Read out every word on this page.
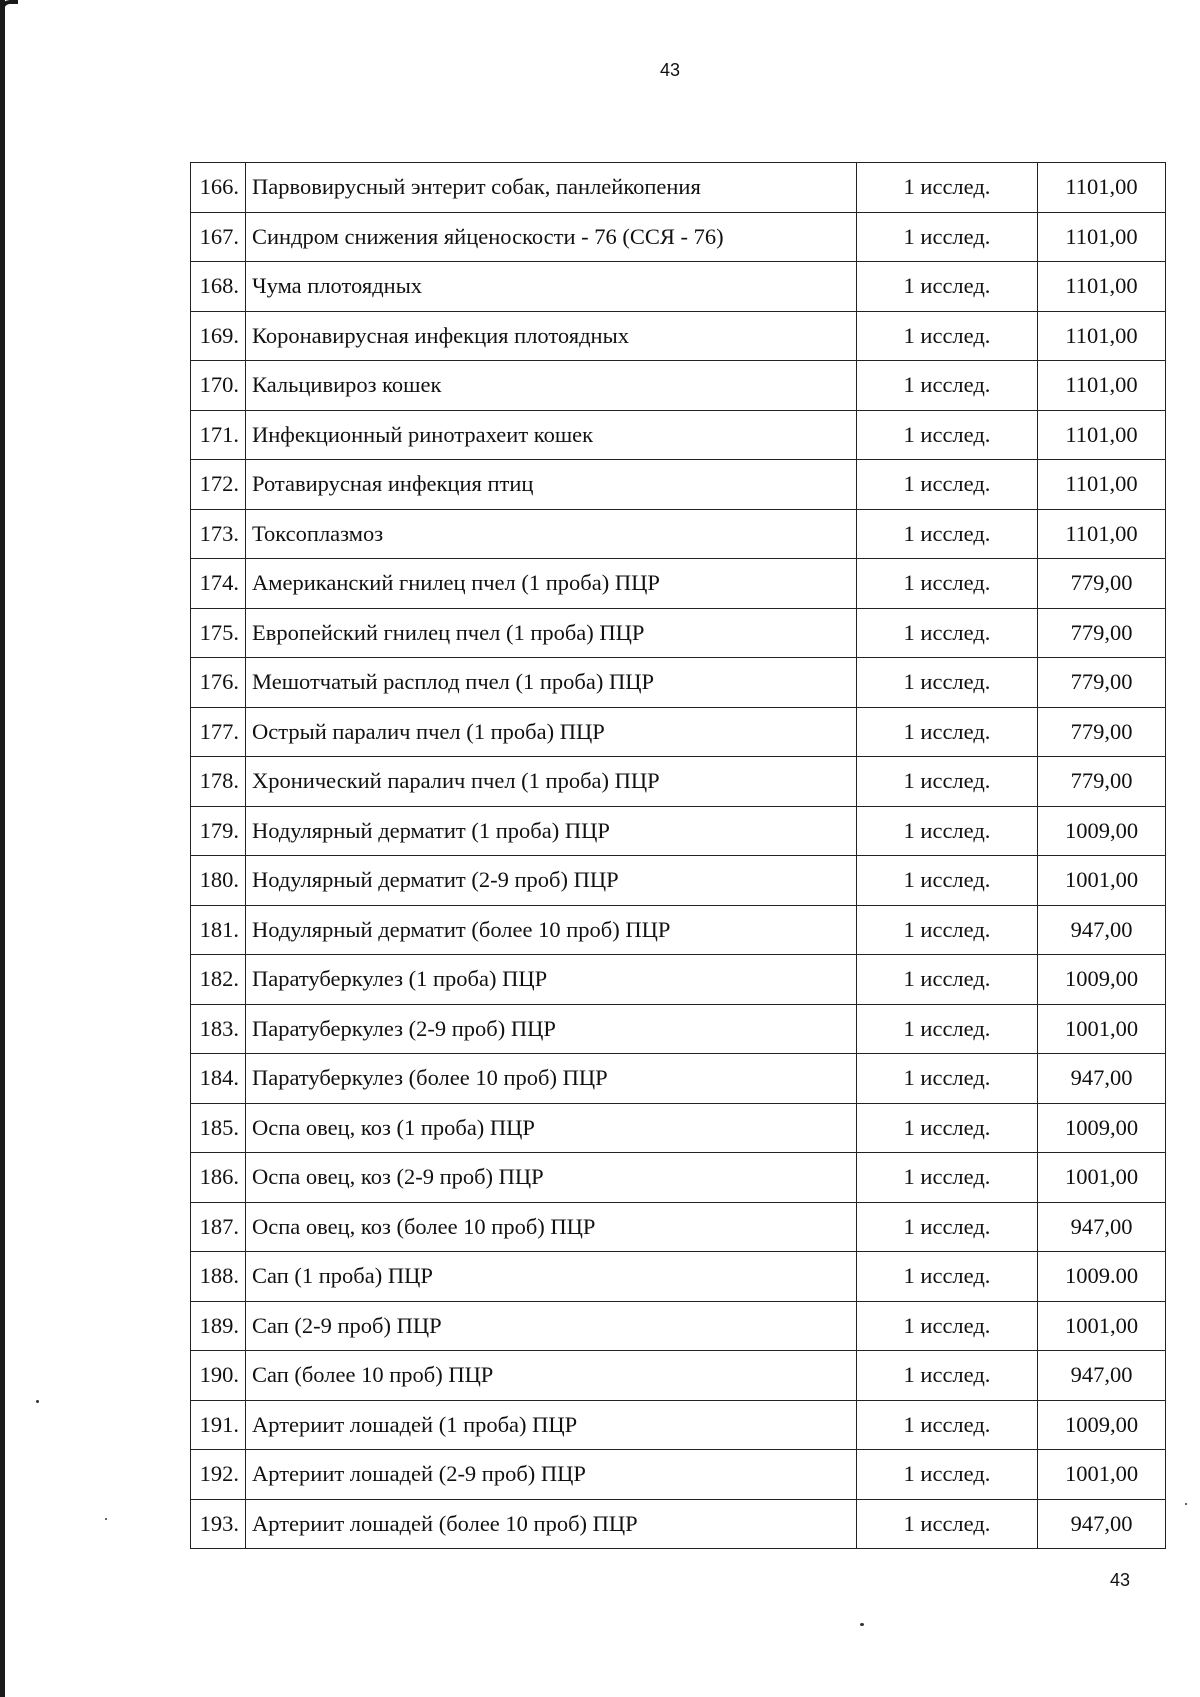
43
166.	Парвовирусный энтерит собак, панлейкопения	1 исслед.	1101,00
167.	Синдром снижения яйценоскости - 76 (ССЯ - 76)	1 исслед.	1101,00
168.	Чума плотоядных	1 исслед.	1101,00
169.	Коронавирусная инфекция плотоядных	1 исслед.	1101,00
170.	Кальцивироз кошек	1 исслед.	1101,00
171.	Инфекционный ринотрахеит кошек	1 исслед.	1101,00
172.	Ротавирусная инфекция птиц	1 исслед.	1101,00
173.	Токсоплазмоз	1 исслед.	1101,00
174.	Американский гнилец пчел (1 проба) ПЦР	1 исслед.	779,00
175.	Европейский гнилец пчел (1 проба) ПЦР	1 исслед.	779,00
176.	Мешотчатый расплод пчел (1 проба) ПЦР	1 исслед.	779,00
177.	Острый паралич пчел (1 проба) ПЦР	1 исслед.	779,00
178.	Хронический паралич пчел (1 проба) ПЦР	1 исслед.	779,00
179.	Нодулярный дерматит (1 проба) ПЦР	1 исслед.	1009,00
180.	Нодулярный дерматит (2-9 проб) ПЦР	1 исслед.	1001,00
181.	Нодулярный дерматит (более 10 проб) ПЦР	1 исслед.	947,00
182.	Паратуберкулез (1 проба) ПЦР	1 исслед.	1009,00
183.	Паратуберкулез (2-9 проб) ПЦР	1 исслед.	1001,00
184.	Паратуберкулез (более 10 проб) ПЦР	1 исслед.	947,00
185.	Оспа овец, коз (1 проба) ПЦР	1 исслед.	1009,00
186.	Оспа овец, коз (2-9 проб) ПЦР	1 исслед.	1001,00
187.	Оспа овец, коз (более 10 проб) ПЦР	1 исслед.	947,00
188.	Сап (1 проба) ПЦР	1 исслед.	1009.00
189.	Сап (2-9 проб) ПЦР	1 исслед.	1001,00
190.	Сап (более 10 проб) ПЦР	1 исслед.	947,00
191.	Артериит лошадей (1 проба) ПЦР	1 исслед.	1009,00
192.	Артериит лошадей (2-9 проб) ПЦР	1 исслед.	1001,00
193.	Артериит лошадей (более 10 проб) ПЦР	1 исслед.	947,00
43
